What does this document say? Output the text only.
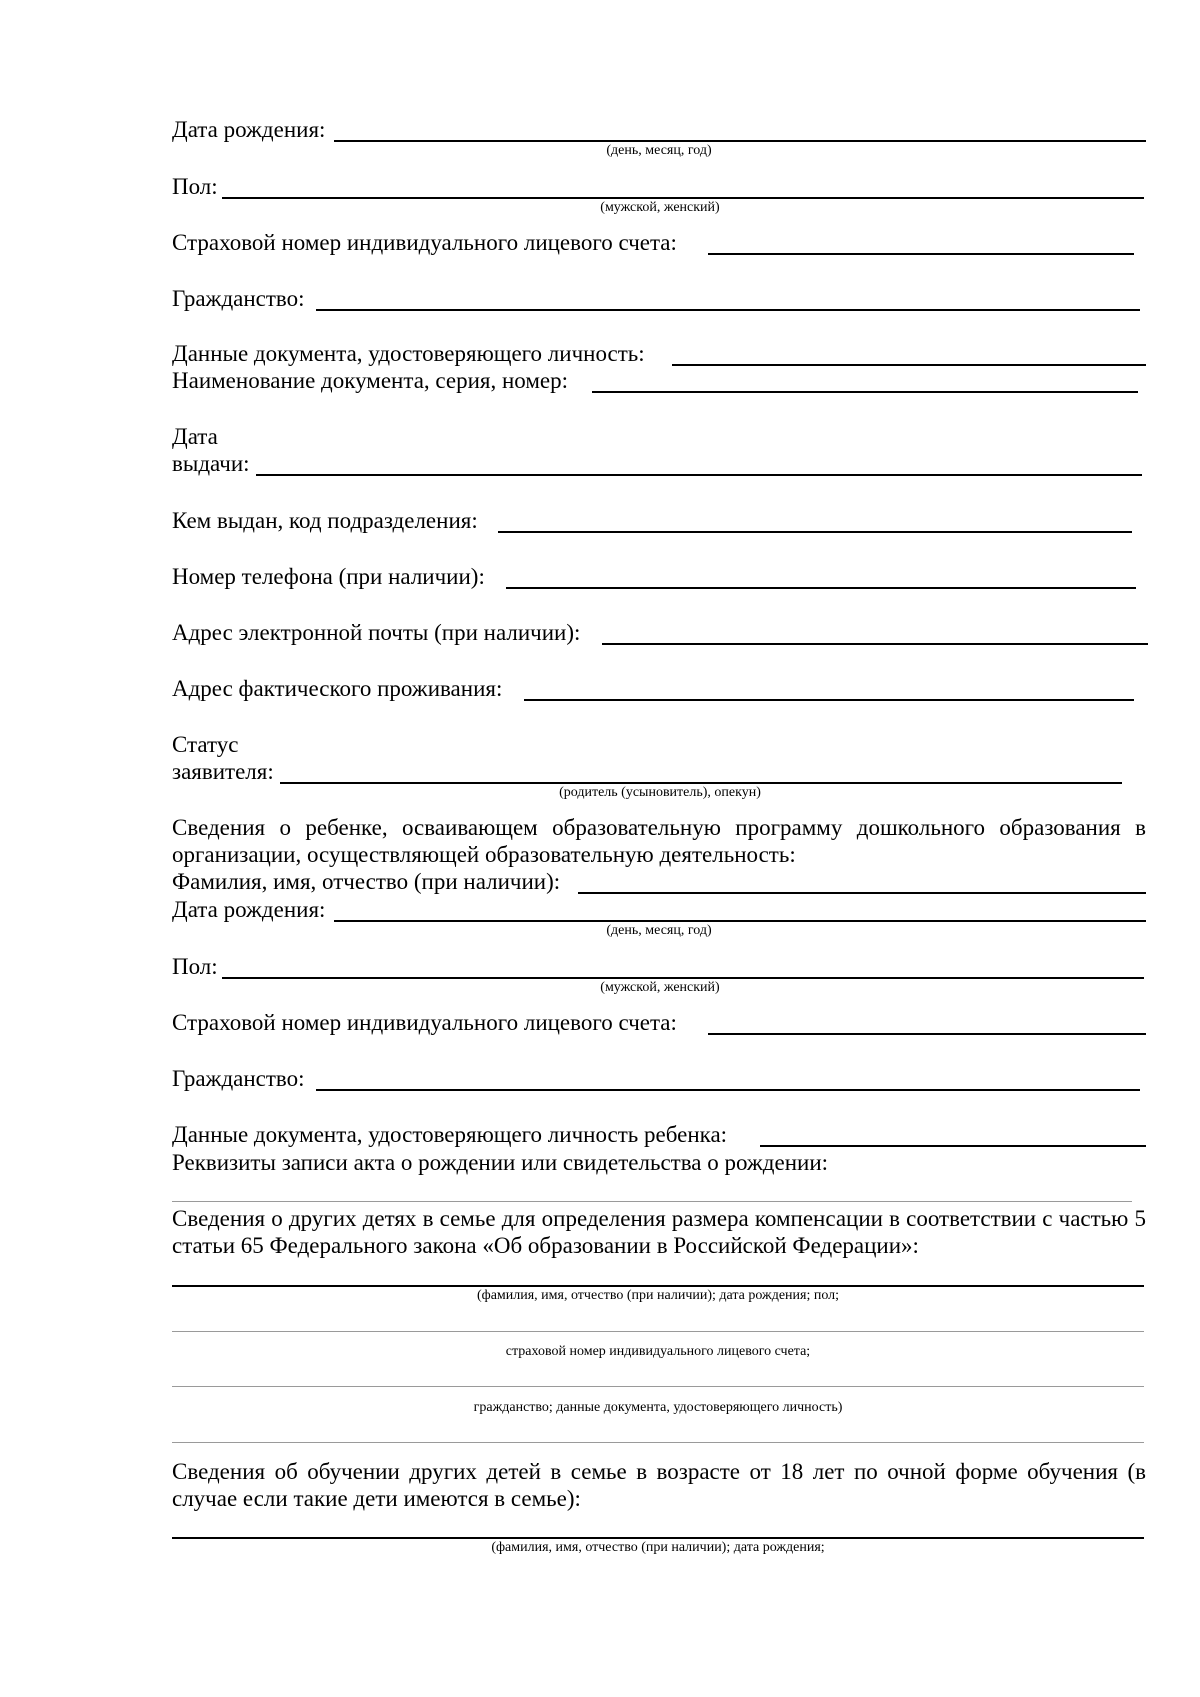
Дата рождения:
(день, месяц, год)
Пол:
(мужской, женский)
Страховой номер индивидуального лицевого счета:
Гражданство:
Данные документа, удостоверяющего личность:
Наименование документа, серия, номер:
Дата
выдачи:
Кем выдан, код подразделения:
Номер телефона (при наличии):
Адрес электронной почты (при наличии):
Адрес фактического проживания:
Статус
заявителя:
(родитель (усыновитель), опекун)
Сведения о ребенке, осваивающем образовательную программу дошкольного образования в организации, осуществляющей образовательную деятельность:
Фамилия, имя, отчество (при наличии):
Дата рождения:
(день, месяц, год)
Пол:
(мужской, женский)
Страховой номер индивидуального лицевого счета:
Гражданство:
Данные документа, удостоверяющего личность ребенка:
Реквизиты записи акта о рождении или свидетельства о рождении:
Сведения о других детях в семье для определения размера компенсации в соответствии с частью 5 статьи 65 Федерального закона «Об образовании в Российской Федерации»:
(фамилия, имя, отчество (при наличии); дата рождения; пол;
страховой номер индивидуального лицевого счета;
гражданство; данные документа, удостоверяющего личность)
Сведения об обучении других детей в семье в возрасте от 18 лет по очной форме обучения (в случае если такие дети имеются в семье):
(фамилия, имя, отчество (при наличии); дата рождения;
